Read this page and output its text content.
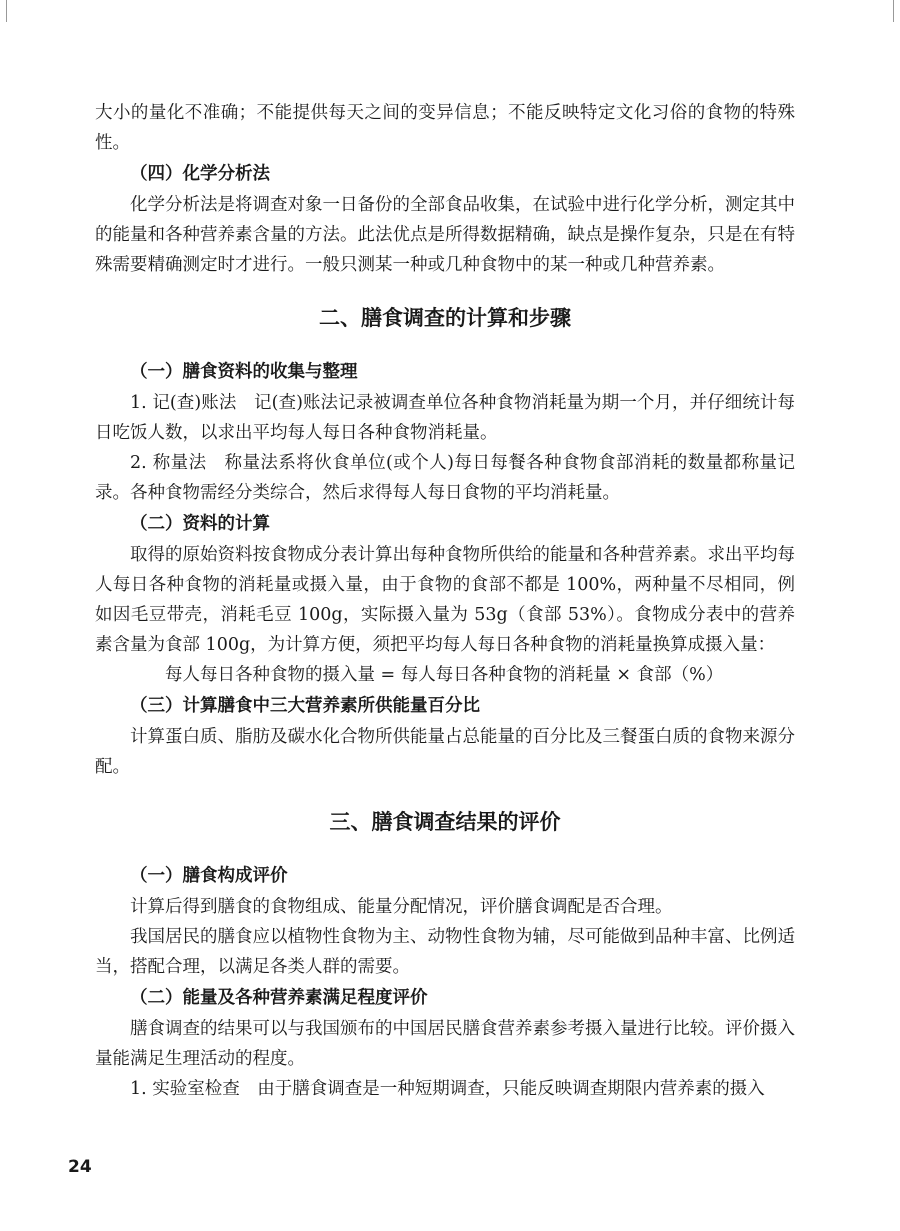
大小的量化不准确；不能提供每天之间的变异信息；不能反映特定文化习俗的食物的特殊性。

（四）化学分析法

化学分析法是将调查对象一日备份的全部食品收集，在试验中进行化学分析，测定其中的能量和各种营养素含量的方法。此法优点是所得数据精确，缺点是操作复杂，只是在有特殊需要精确测定时才进行。一般只测某一种或几种食物中的某一种或几种营养素。

二、膳食调查的计算和步骤
（一）膳食资料的收集与整理

1. 记(查)账法　记(查)账法记录被调查单位各种食物消耗量为期一个月，并仔细统计每日吃饭人数，以求出平均每人每日各种食物消耗量。

2. 称量法　称量法系将伙食单位(或个人)每日每餐各种食物食部消耗的数量都称量记录。各种食物需经分类综合，然后求得每人每日食物的平均消耗量。

（二）资料的计算

取得的原始资料按食物成分表计算出每种食物所供给的能量和各种营养素。求出平均每人每日各种食物的消耗量或摄入量，由于食物的食部不都是 100%，两种量不尽相同，例如因毛豆带壳，消耗毛豆 100g，实际摄入量为 53g（食部 53%）。食物成分表中的营养素含量为食部 100g，为计算方便，须把平均每人每日各种食物的消耗量换算成摄入量：

每人每日各种食物的摄入量 = 每人每日各种食物的消耗量 × 食部（%）

（三）计算膳食中三大营养素所供能量百分比

计算蛋白质、脂肪及碳水化合物所供能量占总能量的百分比及三餐蛋白质的食物来源分配。

三、膳食调查结果的评价
（一）膳食构成评价

计算后得到膳食的食物组成、能量分配情况，评价膳食调配是否合理。

我国居民的膳食应以植物性食物为主、动物性食物为辅，尽可能做到品种丰富、比例适当，搭配合理，以满足各类人群的需要。

（二）能量及各种营养素满足程度评价

膳食调查的结果可以与我国颁布的中国居民膳食营养素参考摄入量进行比较。评价摄入量能满足生理活动的程度。

1. 实验室检查　由于膳食调查是一种短期调查，只能反映调查期限内营养素的摄入

24
